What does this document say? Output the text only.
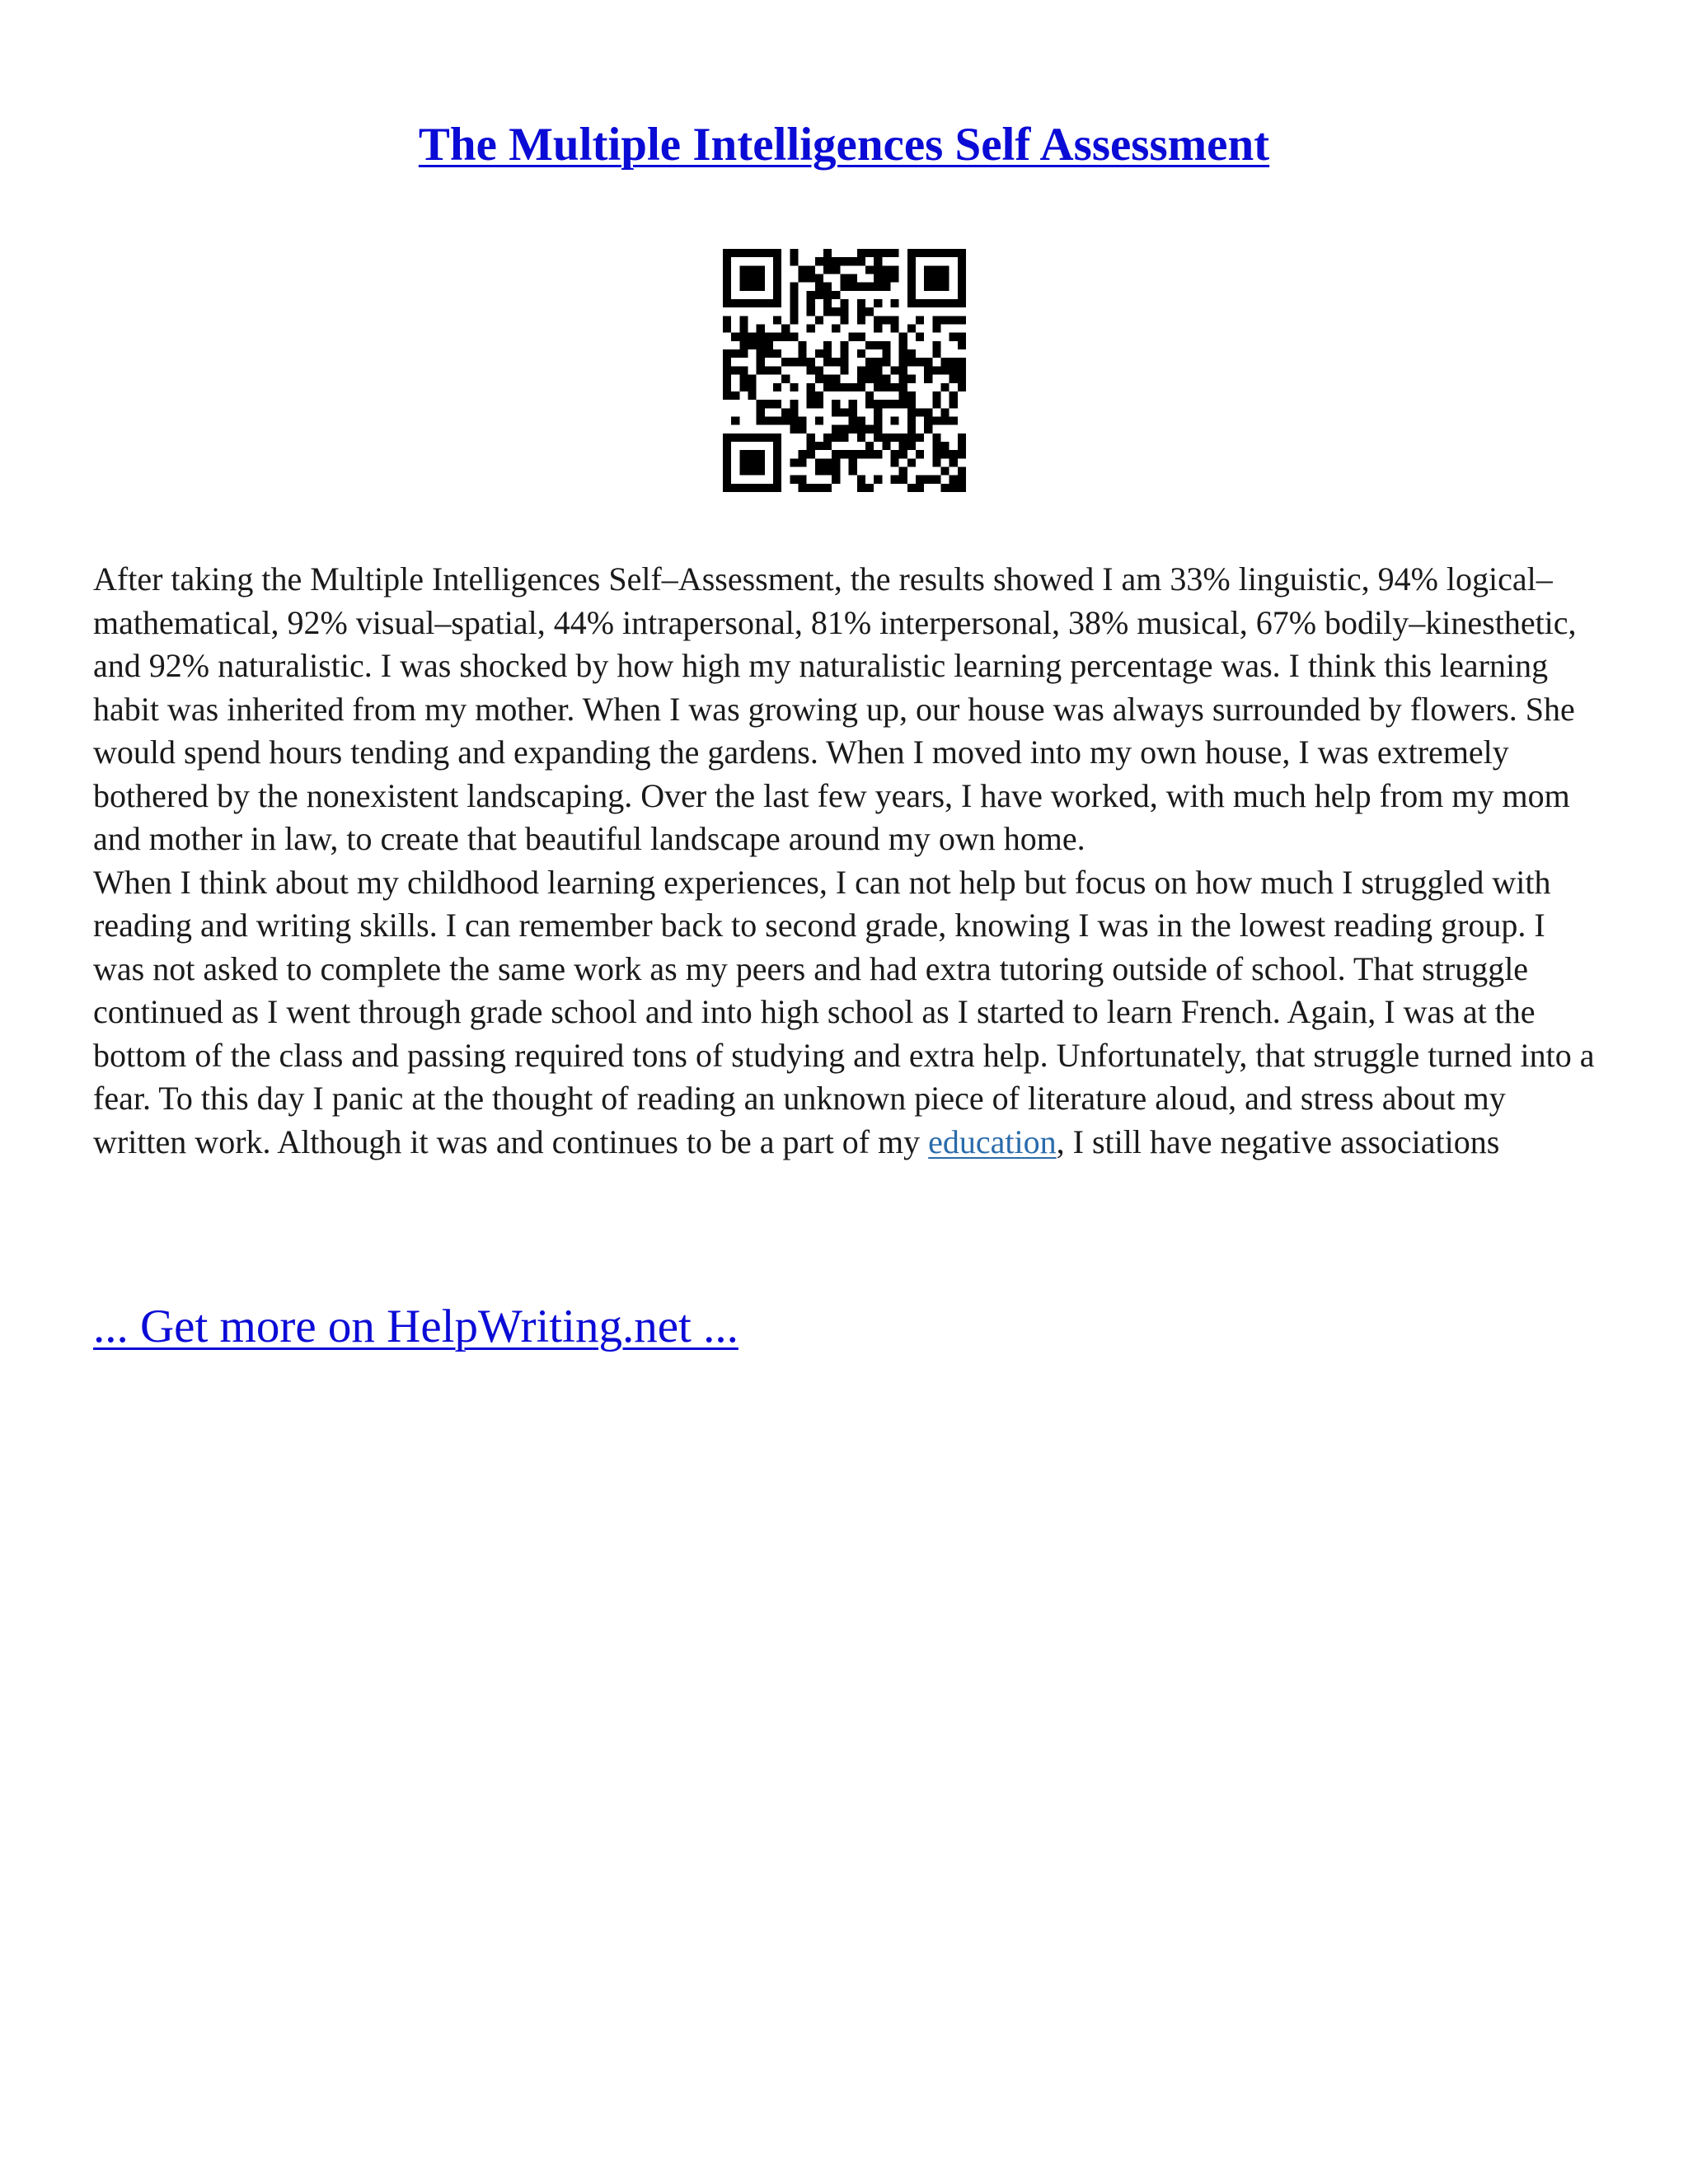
The Multiple Intelligences Self Assessment

After taking the Multiple Intelligences Self–Assessment, the results showed I am 33% linguistic, 94% logical–mathematical, 92% visual–spatial, 44% intrapersonal, 81% interpersonal, 38% musical, 67% bodily–kinesthetic, and 92% naturalistic. I was shocked by how high my naturalistic learning percentage was. I think this learning habit was inherited from my mother. When I was growing up, our house was always surrounded by flowers. She would spend hours tending and expanding the gardens. When I moved into my own house, I was extremely bothered by the nonexistent landscaping. Over the last few years, I have worked, with much help from my mom and mother in law, to create that beautiful landscape around my own home.

When I think about my childhood learning experiences, I can not help but focus on how much I struggled with reading and writing skills. I can remember back to second grade, knowing I was in the lowest reading group. I was not asked to complete the same work as my peers and had extra tutoring outside of school. That struggle continued as I went through grade school and into high school as I started to learn French. Again, I was at the bottom of the class and passing required tons of studying and extra help. Unfortunately, that struggle turned into a fear. To this day I panic at the thought of reading an unknown piece of literature aloud, and stress about my written work. Although it was and continues to be a part of my education, I still have negative associations

... Get more on HelpWriting.net ...
